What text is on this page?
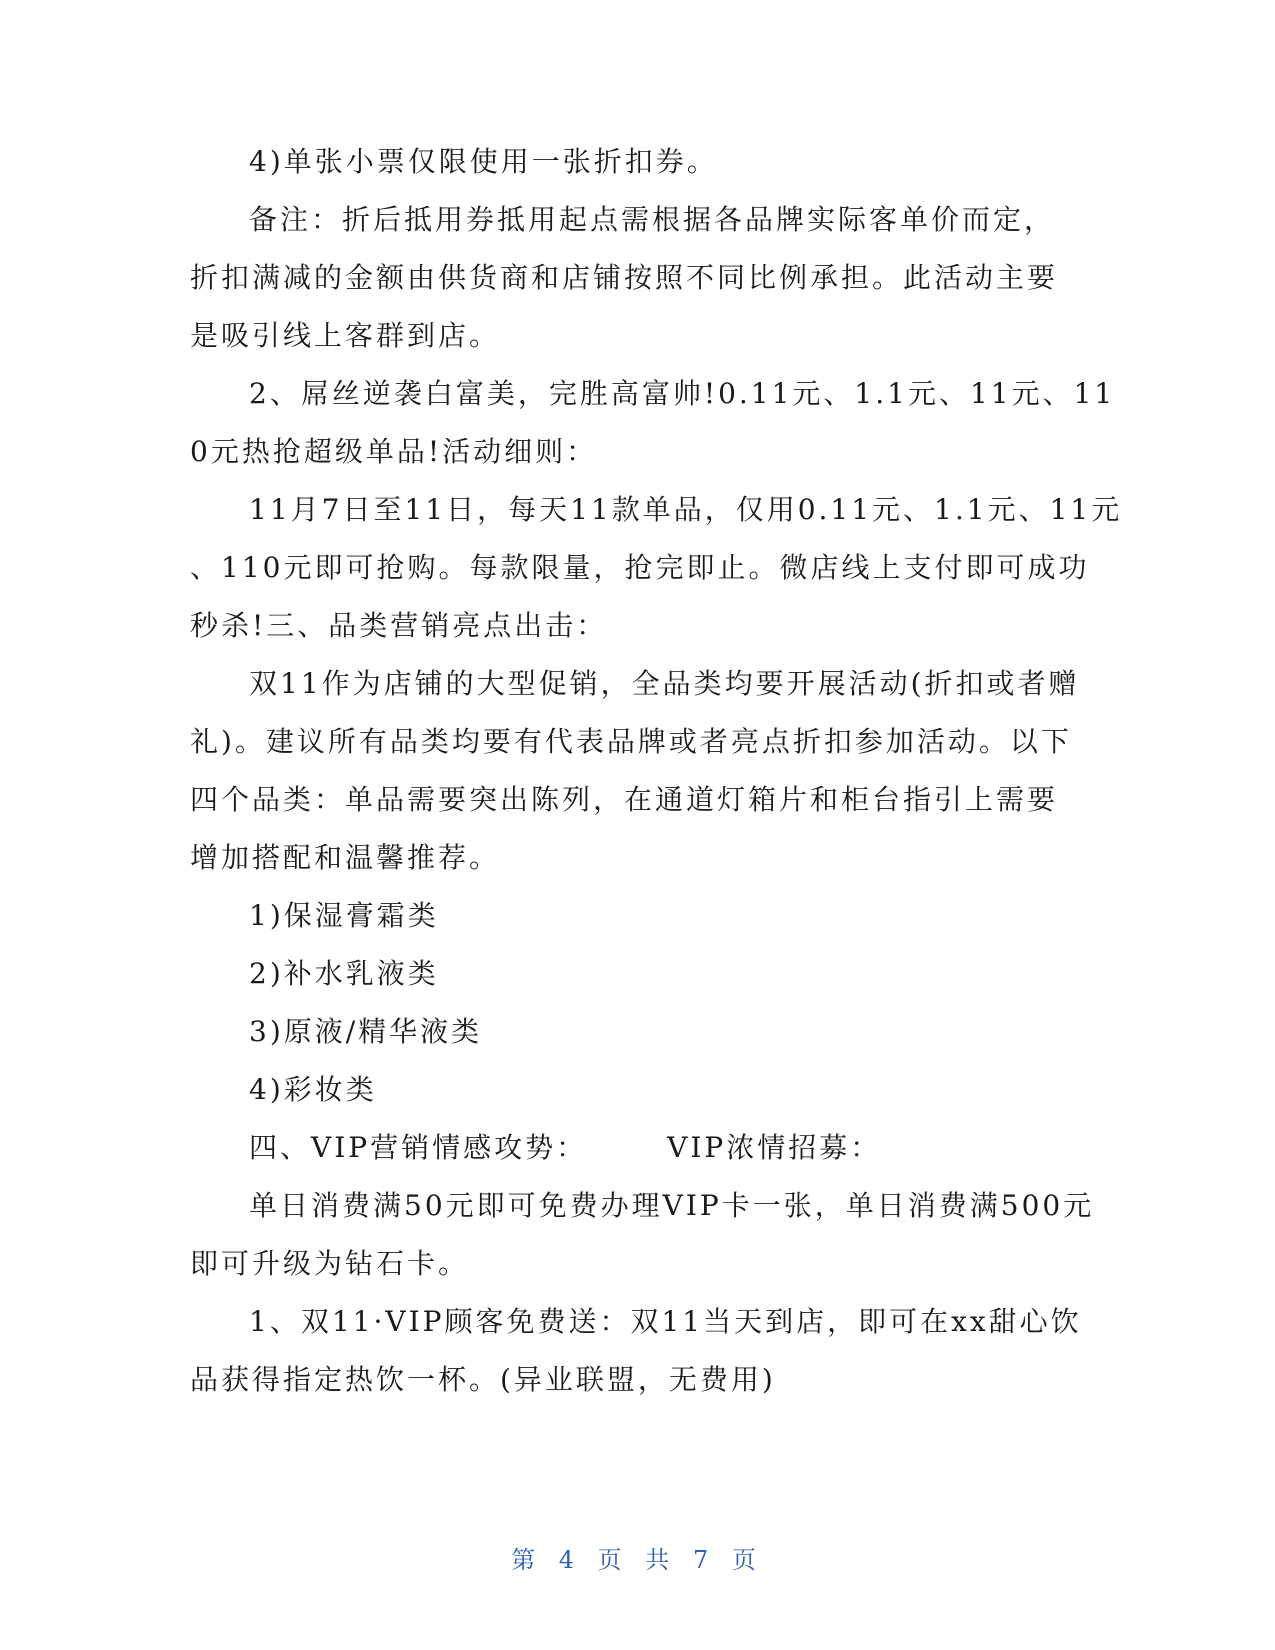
4)单张小票仅限使用一张折扣券。

备注：折后抵用券抵用起点需根据各品牌实际客单价而定，

折扣满减的金额由供货商和店铺按照不同比例承担。此活动主要

是吸引线上客群到店。

2、屌丝逆袭白富美，完胜高富帅!0.11元、1.1元、11元、11

0元热抢超级单品!活动细则：

11月7日至11日，每天11款单品，仅用0.11元、1.1元、11元

、110元即可抢购。每款限量，抢完即止。微店线上支付即可成功

秒杀!三、品类营销亮点出击：

双11作为店铺的大型促销，全品类均要开展活动(折扣或者赠

礼)。建议所有品类均要有代表品牌或者亮点折扣参加活动。以下

四个品类：单品需要突出陈列，在通道灯箱片和柜台指引上需要

增加搭配和温馨推荐。

1)保湿膏霜类

2)补水乳液类

3)原液/精华液类

4)彩妆类

四、VIP营销情感攻势：	VIP浓情招募：

单日消费满50元即可免费办理VIP卡一张，单日消费满500元

即可升级为钻石卡。

1、双11·VIP顾客免费送：双11当天到店，即可在xx甜心饮

品获得指定热饮一杯。(异业联盟，无费用)

第 4 页 共 7 页
